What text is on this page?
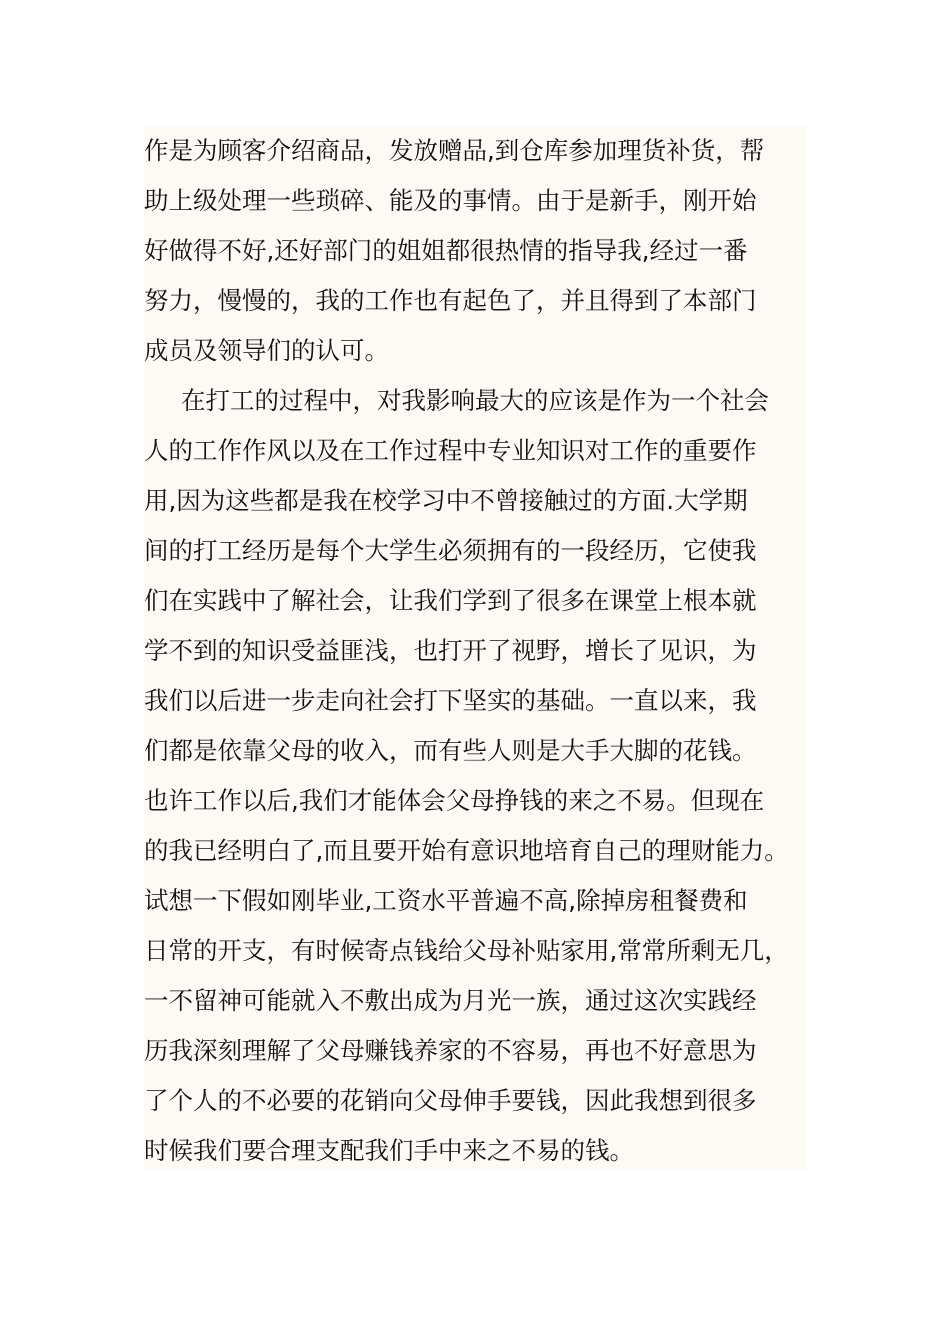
作是为顾客介绍商品，发放赠品,到仓库参加理货补货，帮
助上级处理一些琐碎、能及的事情。由于是新手，刚开始
好做得不好,还好部门的姐姐都很热情的指导我,经过一番
努力，慢慢的，我的工作也有起色了，并且得到了本部门
成员及领导们的认可。
在打工的过程中，对我影响最大的应该是作为一个社会
人的工作作风以及在工作过程中专业知识对工作的重要作
用,因为这些都是我在校学习中不曾接触过的方面.大学期
间的打工经历是每个大学生必须拥有的一段经历，它使我
们在实践中了解社会，让我们学到了很多在课堂上根本就
学不到的知识受益匪浅，也打开了视野，增长了见识，为
我们以后进一步走向社会打下坚实的基础。一直以来，我
们都是依靠父母的收入，而有些人则是大手大脚的花钱。
也许工作以后,我们才能体会父母挣钱的来之不易。但现在
的我已经明白了,而且要开始有意识地培育自己的理财能力。
试想一下假如刚毕业,工资水平普遍不高,除掉房租餐费和
日常的开支，有时候寄点钱给父母补贴家用,常常所剩无几，
一不留神可能就入不敷出成为月光一族，通过这次实践经
历我深刻理解了父母赚钱养家的不容易，再也不好意思为
了个人的不必要的花销向父母伸手要钱，因此我想到很多
时候我们要合理支配我们手中来之不易的钱。
